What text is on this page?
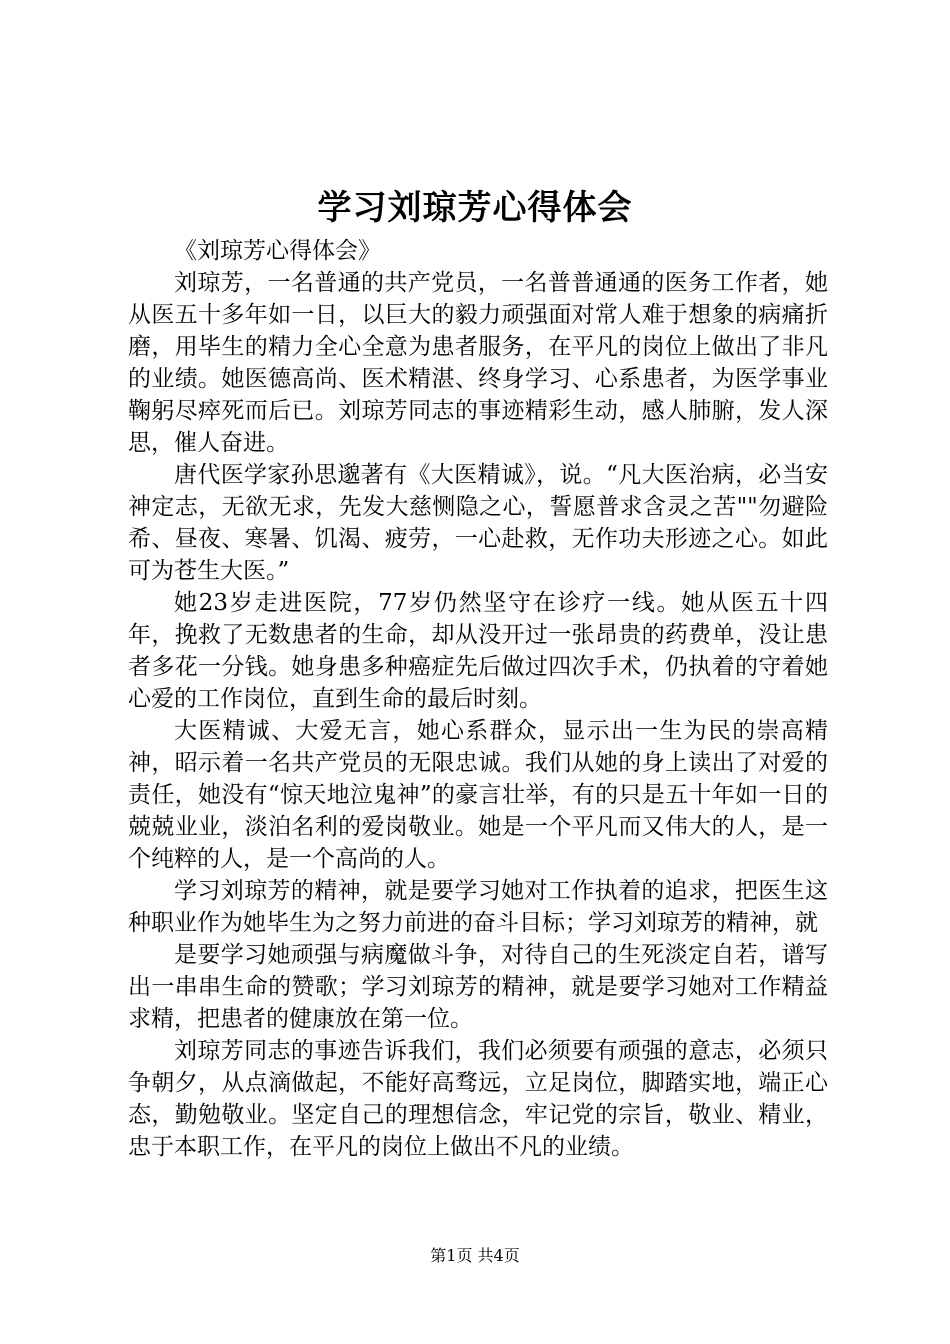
学习刘琼芳心得体会

《刘琼芳心得体会》

刘琼芳，一名普通的共产党员，一名普普通通的医务工作者，她从医五十多年如一日，以巨大的毅力顽强面对常人难于想象的病痛折磨，用毕生的精力全心全意为患者服务，在平凡的岗位上做出了非凡的业绩。她医德高尚、医术精湛、终身学习、心系患者，为医学事业鞠躬尽瘁死而后已。刘琼芳同志的事迹精彩生动，感人肺腑，发人深思，催人奋进。

唐代医学家孙思邈著有《大医精诚》，说。“凡大医治病，必当安神定志，无欲无求，先发大慈恻隐之心，誓愿普求含灵之苦""勿避险希、昼夜、寒暑、饥渴、疲劳，一心赴救，无作功夫形迹之心。如此可为苍生大医。”

她23岁走进医院，77岁仍然坚守在诊疗一线。她从医五十四年，挽救了无数患者的生命，却从没开过一张昂贵的药费单，没让患者多花一分钱。她身患多种癌症先后做过四次手术，仍执着的守着她心爱的工作岗位，直到生命的最后时刻。

大医精诚、大爱无言，她心系群众，显示出一生为民的崇高精神，昭示着一名共产党员的无限忠诚。我们从她的身上读出了对爱的责任，她没有“惊天地泣鬼神”的豪言壮举，有的只是五十年如一日的兢兢业业，淡泊名利的爱岗敬业。她是一个平凡而又伟大的人，是一个纯粹的人，是一个高尚的人。

学习刘琼芳的精神，就是要学习她对工作执着的追求，把医生这种职业作为她毕生为之努力前进的奋斗目标；学习刘琼芳的精神，就

是要学习她顽强与病魔做斗争，对待自己的生死淡定自若，谱写出一串串生命的赞歌；学习刘琼芳的精神，就是要学习她对工作精益求精，把患者的健康放在第一位。

刘琼芳同志的事迹告诉我们，我们必须要有顽强的意志，必须只争朝夕，从点滴做起，不能好高骛远，立足岗位，脚踏实地，端正心态，勤勉敬业。坚定自己的理想信念，牢记党的宗旨，敬业、精业，忠于本职工作，在平凡的岗位上做出不凡的业绩。

第1页 共4页
